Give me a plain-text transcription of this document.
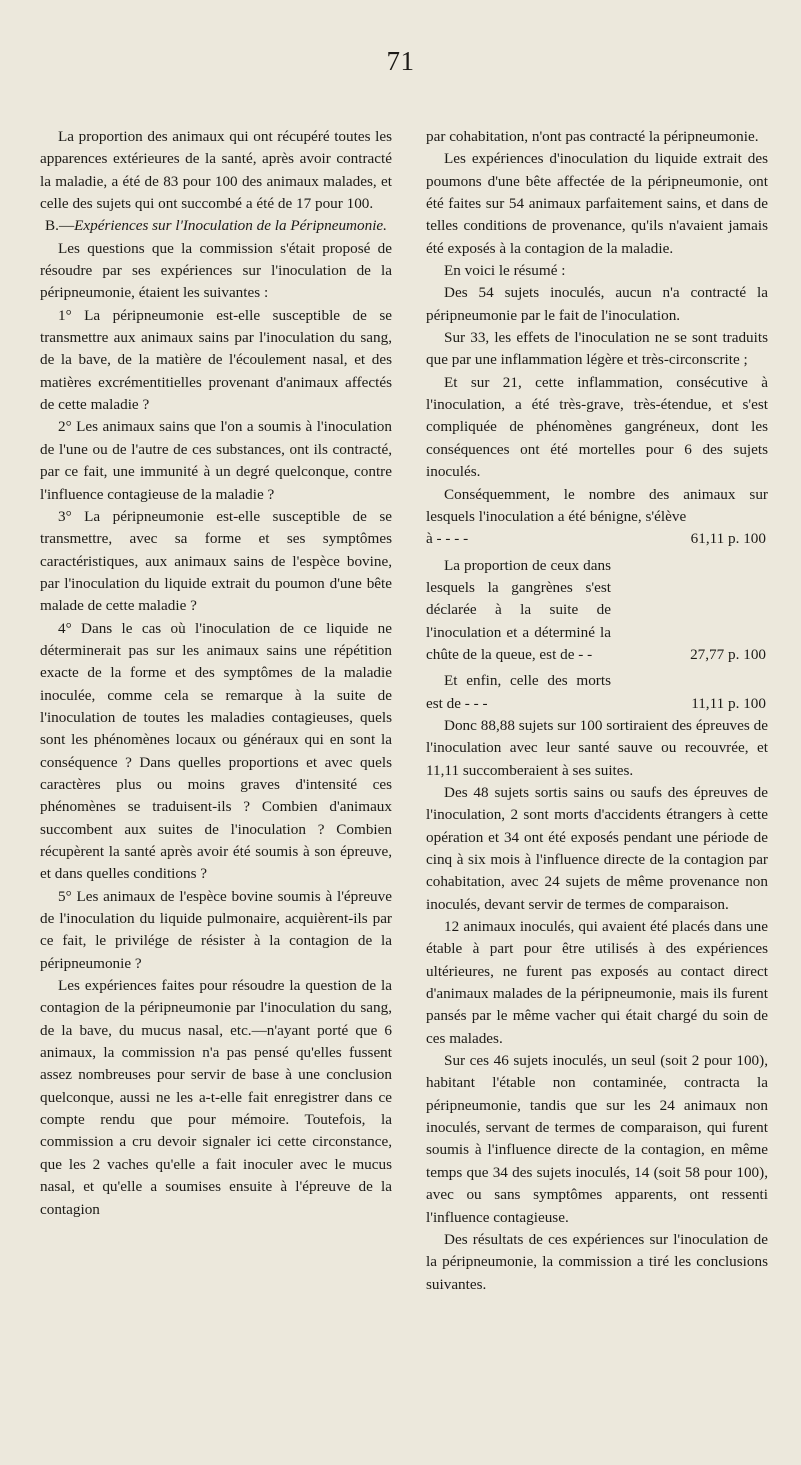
71

La proportion des animaux qui ont récupéré toutes les apparences extérieures de la santé, après avoir contracté la maladie, a été de 83 pour 100 des animaux malades, et celle des sujets qui ont succombé a été de 17 pour 100.

B.—Expériences sur l'Inoculation de la Péripneumonie.

Les questions que la commission s'était proposé de résoudre par ses expériences sur l'inoculation de la péripneumonie, étaient les suivantes :

1° La péripneumonie est-elle susceptible de se transmettre aux animaux sains par l'inoculation du sang, de la bave, de la matière de l'écoulement nasal, et des matières excrémentitielles provenant d'animaux affectés de cette maladie ?

2° Les animaux sains que l'on a soumis à l'inoculation de l'une ou de l'autre de ces substances, ont ils contracté, par ce fait, une immunité à un degré quelconque, contre l'influence contagieuse de la maladie ?

3° La péripneumonie est-elle susceptible de se transmettre, avec sa forme et ses symptômes caractéristiques, aux animaux sains de l'espèce bovine, par l'inoculation du liquide extrait du poumon d'une bête malade de cette maladie ?

4° Dans le cas où l'inoculation de ce liquide ne déterminerait pas sur les animaux sains une répétition exacte de la forme et des symptômes de la maladie inoculée, comme cela se remarque à la suite de l'inoculation de toutes les maladies contagieuses, quels sont les phénomènes locaux ou généraux qui en sont la conséquence ? Dans quelles proportions et avec quels caractères plus ou moins graves d'intensité ces phénomènes se traduisent-ils ? Combien d'animaux succombent aux suites de l'inoculation ? Combien récupèrent la santé après avoir été soumis à son épreuve, et dans quelles conditions ?

5° Les animaux de l'espèce bovine soumis à l'épreuve de l'inoculation du liquide pulmonaire, acquièrent-ils par ce fait, le privilége de résister à la contagion de la péripneumonie ?

Les expériences faites pour résoudre la question de la contagion de la péripneumonie par l'inoculation du sang, de la bave, du mucus nasal, etc.—n'ayant porté que 6 animaux, la commission n'a pas pensé qu'elles fussent assez nombreuses pour servir de base à une conclusion quelconque, aussi ne les a-t-elle fait enregistrer dans ce compte rendu que pour mémoire. Toutefois, la commission a cru devoir signaler ici cette circonstance, que les 2 vaches qu'elle a fait inoculer avec le mucus nasal, et qu'elle a soumises ensuite à l'épreuve de la contagion

par cohabitation, n'ont pas contracté la péripneumonie.

Les expériences d'inoculation du liquide extrait des poumons d'une bête affectée de la péripneumonie, ont été faites sur 54 animaux parfaitement sains, et dans de telles conditions de provenance, qu'ils n'avaient jamais été exposés à la contagion de la maladie.

En voici le résumé :

Des 54 sujets inoculés, aucun n'a contracté la péripneumonie par le fait de l'inoculation.

Sur 33, les effets de l'inoculation ne se sont traduits que par une inflammation légère et très-circonscrite ;

Et sur 21, cette inflammation, consécutive à l'inoculation, a été très-grave, très-étendue, et s'est compliquée de phénomènes gangréneux, dont les conséquences ont été mortelles pour 6 des sujets inoculés.

Conséquemment, le nombre des animaux sur lesquels l'inoculation a été bénigne, s'élève

à - - - -	61,11 p. 100

La proportion de ceux dans lesquels la gangrènes s'est déclarée à la suite de l'inoculation et a déterminé la chûte de la queue, est de - -	27,77 p. 100

Et enfin, celle des morts est de - - -	11,11 p. 100

Donc 88,88 sujets sur 100 sortiraient des épreuves de l'inoculation avec leur santé sauve ou recouvrée, et 11,11 succomberaient à ses suites.

Des 48 sujets sortis sains ou saufs des épreuves de l'inoculation, 2 sont morts d'accidents étrangers à cette opération et 34 ont été exposés pendant une période de cinq à six mois à l'influence directe de la contagion par cohabitation, avec 24 sujets de même provenance non inoculés, devant servir de termes de comparaison.

12 animaux inoculés, qui avaient été placés dans une étable à part pour être utilisés à des expériences ultérieures, ne furent pas exposés au contact direct d'animaux malades de la péripneumonie, mais ils furent pansés par le même vacher qui était chargé du soin de ces malades.

Sur ces 46 sujets inoculés, un seul (soit 2 pour 100), habitant l'étable non contaminée, contracta la péripneumonie, tandis que sur les 24 animaux non inoculés, servant de termes de comparaison, qui furent soumis à l'influence directe de la contagion, en même temps que 34 des sujets inoculés, 14 (soit 58 pour 100), avec ou sans symptômes apparents, ont ressenti l'influence contagieuse.

Des résultats de ces expériences sur l'inoculation de la péripneumonie, la commission a tiré les conclusions suivantes.
